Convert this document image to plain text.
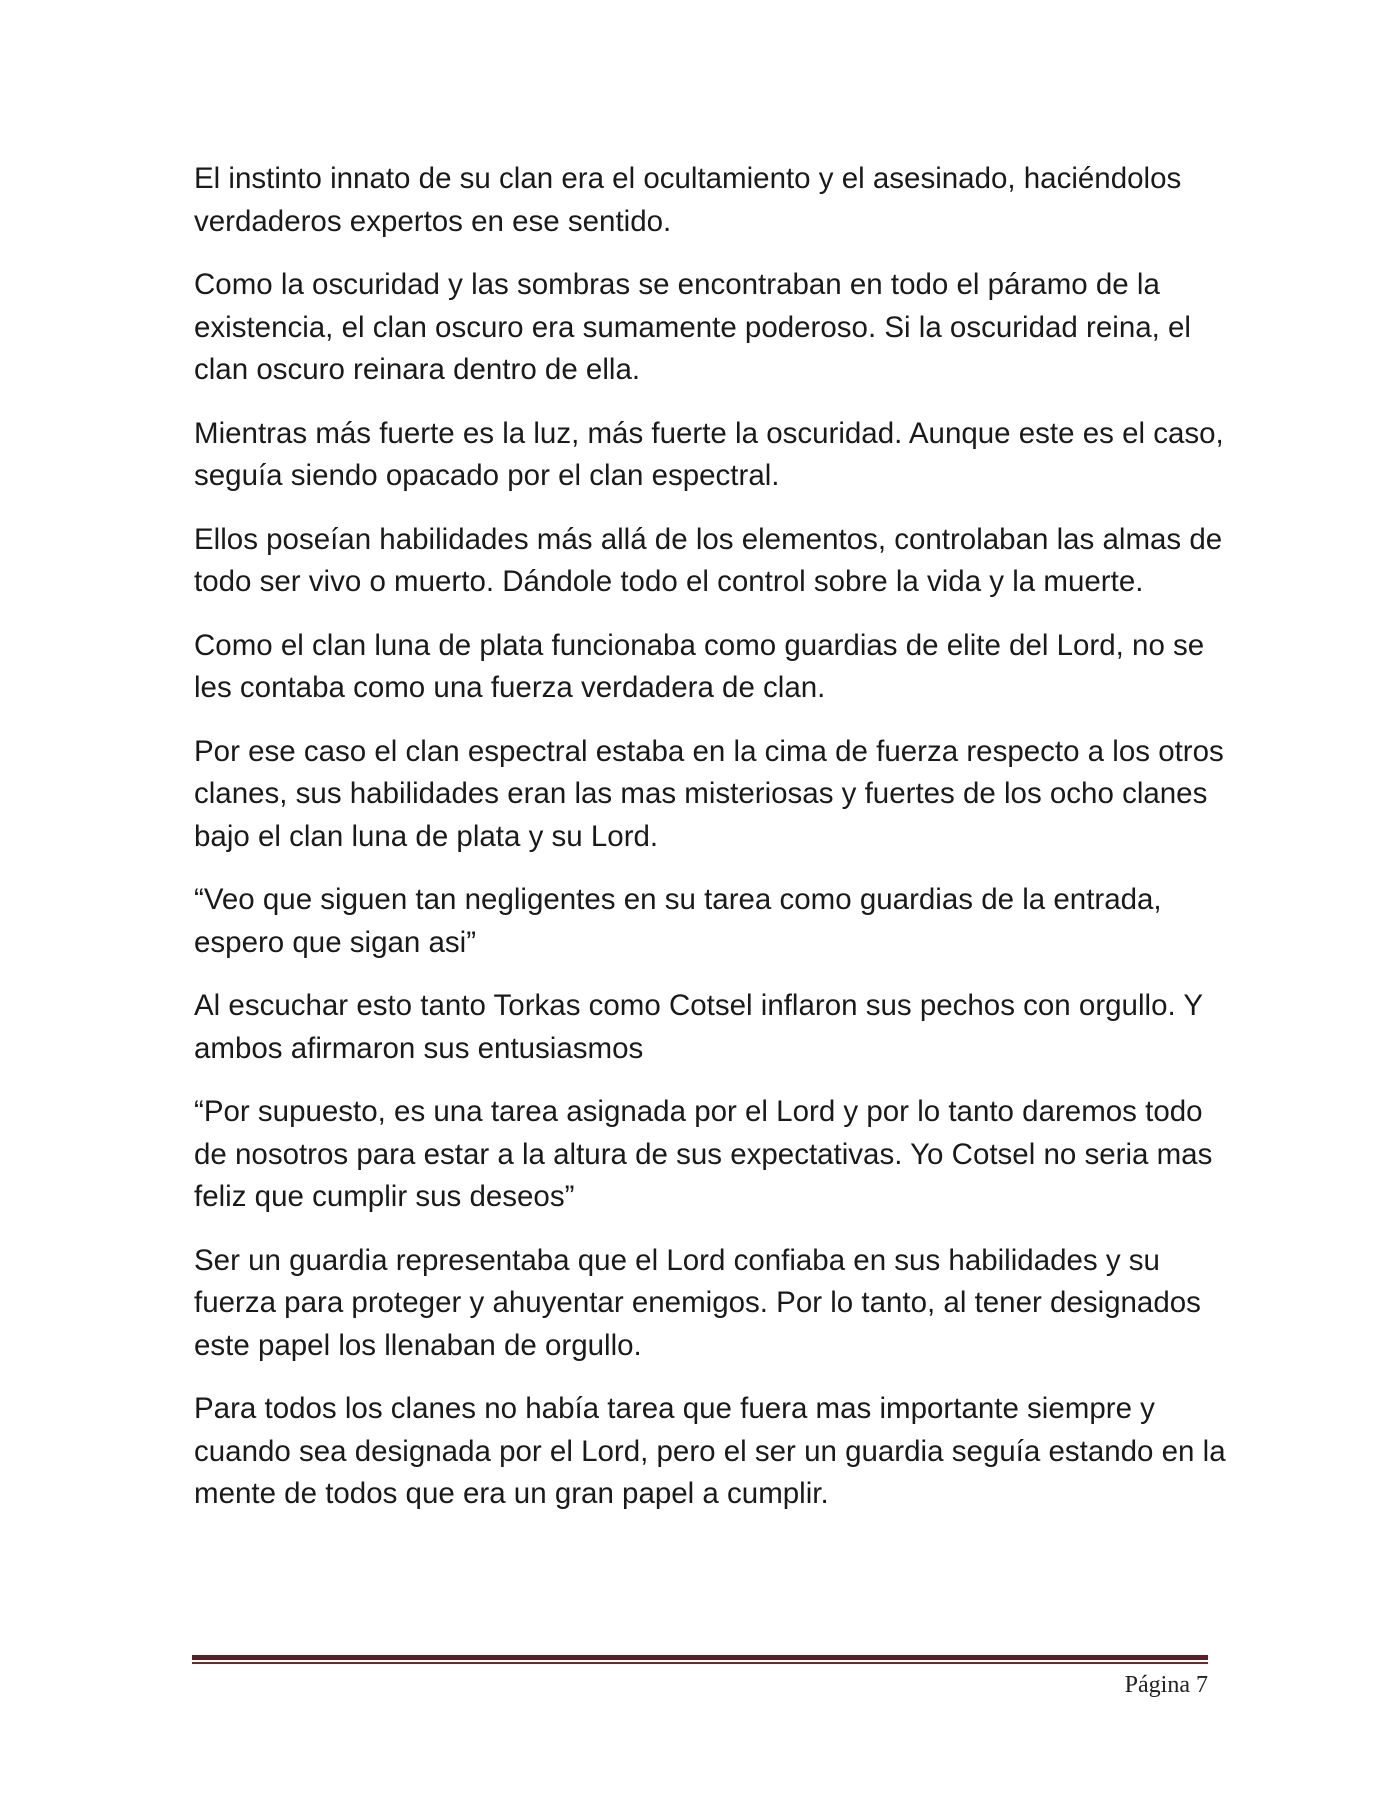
El instinto innato de su clan era el ocultamiento y el asesinado, haciéndolos verdaderos expertos en ese sentido.

Como la oscuridad y las sombras se encontraban en todo el páramo de la existencia, el clan oscuro era sumamente poderoso. Si la oscuridad reina, el clan oscuro reinara dentro de ella.

Mientras más fuerte es la luz, más fuerte la oscuridad. Aunque este es el caso, seguía siendo opacado por el clan espectral.

Ellos poseían habilidades más allá de los elementos, controlaban las almas de todo ser vivo o muerto. Dándole todo el control sobre la vida y la muerte.

Como el clan luna de plata funcionaba como guardias de elite del Lord, no se les contaba como una fuerza verdadera de clan.

Por ese caso el clan espectral estaba en la cima de fuerza respecto a los otros clanes, sus habilidades eran las mas misteriosas y fuertes de los ocho clanes bajo el clan luna de plata y su Lord.

“Veo que siguen tan negligentes en su tarea como guardias de la entrada, espero que sigan asi”

Al escuchar esto tanto Torkas como Cotsel inflaron sus pechos con orgullo. Y ambos afirmaron sus entusiasmos

“Por supuesto, es una tarea asignada por el Lord y por lo tanto daremos todo de nosotros para estar a la altura de sus expectativas. Yo Cotsel no seria mas feliz que cumplir sus deseos”

Ser un guardia representaba que el Lord confiaba en sus habilidades y su fuerza para proteger y ahuyentar enemigos. Por lo tanto, al tener designados este papel los llenaban de orgullo.

Para todos los clanes no había tarea que fuera mas importante siempre y cuando sea designada por el Lord, pero el ser un guardia seguía estando en la mente de todos que era un gran papel a cumplir.

Página 7
